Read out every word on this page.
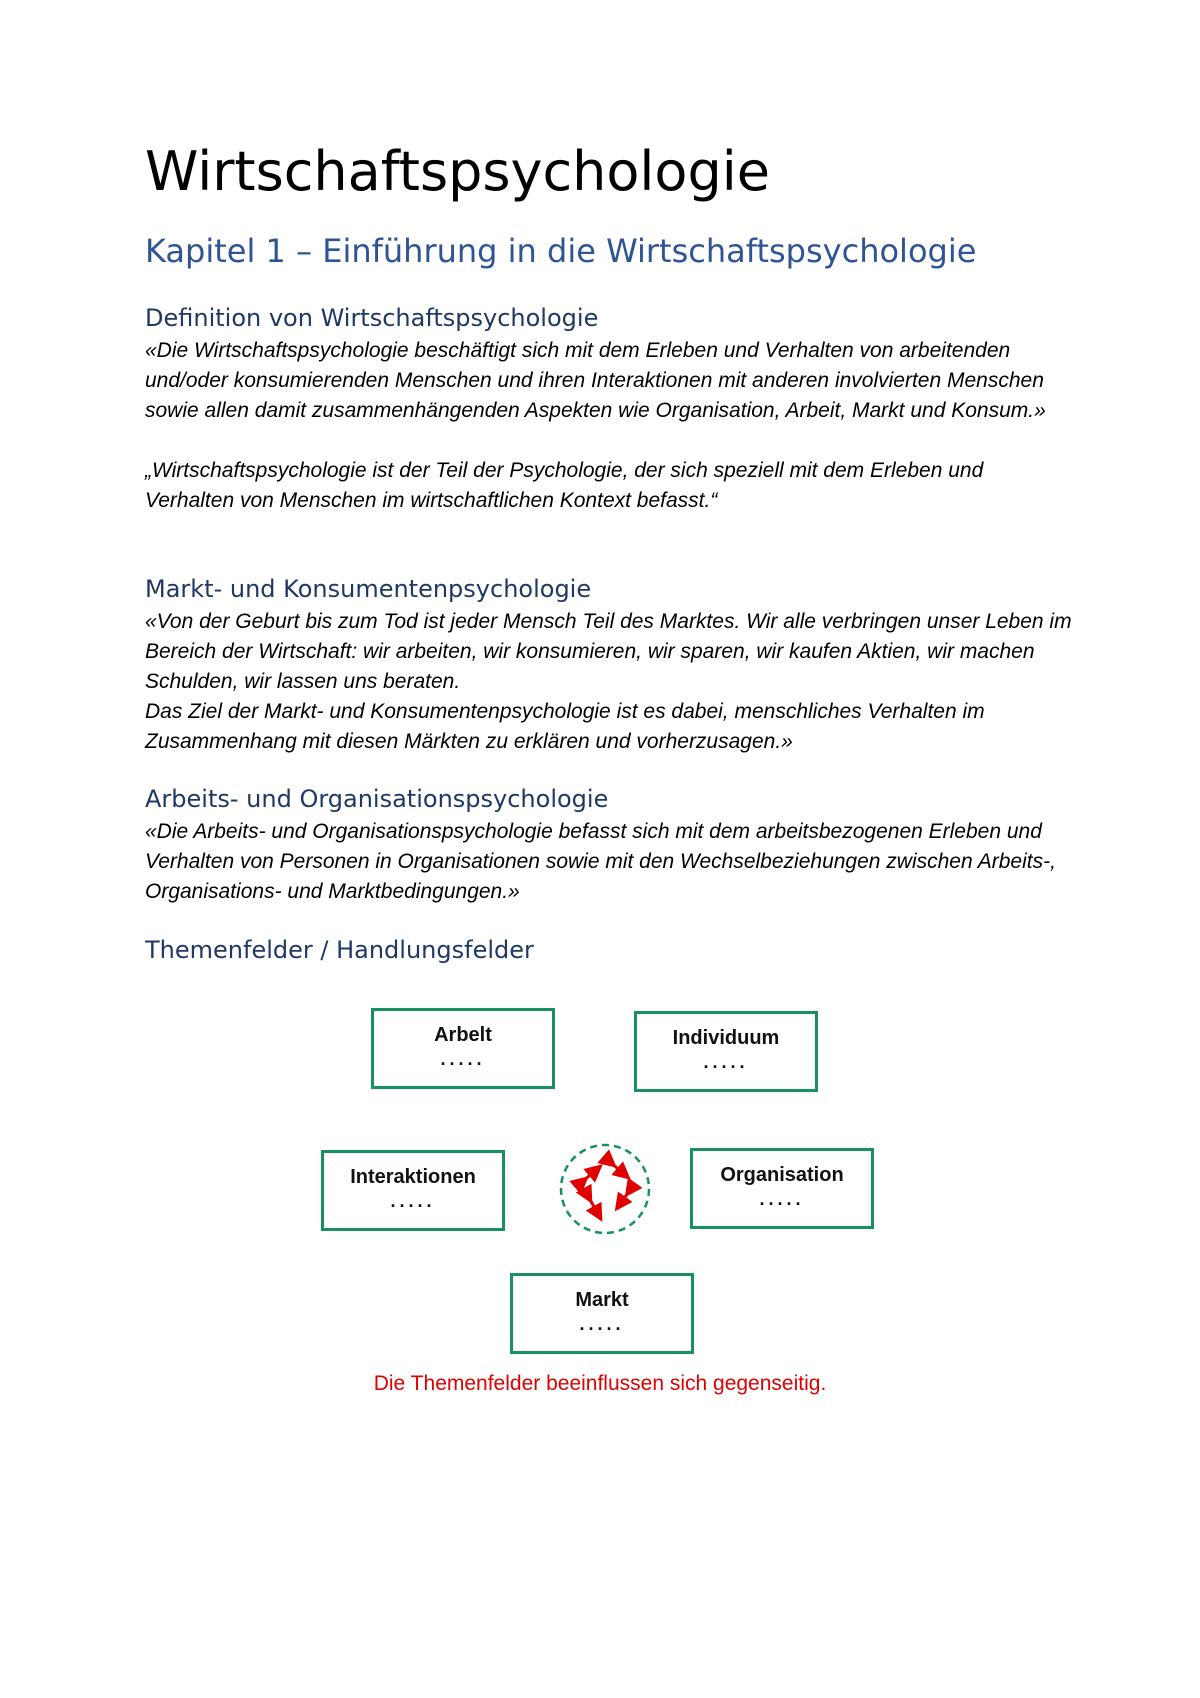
Wirtschaftspsychologie
Kapitel 1 – Einführung in die Wirtschaftspsychologie
Definition von Wirtschaftspsychologie

«Die Wirtschaftspsychologie beschäftigt sich mit dem Erleben und Verhalten von arbeitenden und/oder konsumierenden Menschen und ihren Interaktionen mit anderen involvierten Menschen sowie allen damit zusammenhängenden Aspekten wie Organisation, Arbeit, Markt und Konsum.»

„Wirtschaftspsychologie ist der Teil der Psychologie, der sich speziell mit dem Erleben und Verhalten von Menschen im wirtschaftlichen Kontext befasst.“

Markt- und Konsumentenpsychologie

«Von der Geburt bis zum Tod ist jeder Mensch Teil des Marktes. Wir alle verbringen unser Leben im Bereich der Wirtschaft: wir arbeiten, wir konsumieren, wir sparen, wir kaufen Aktien, wir machen Schulden, wir lassen uns beraten.

Das Ziel der Markt- und Konsumentenpsychologie ist es dabei, menschliches Verhalten im Zusammenhang mit diesen Märkten zu erklären und vorherzusagen.»

Arbeits- und Organisationspsychologie

«Die Arbeits- und Organisationspsychologie befasst sich mit dem arbeitsbezogenen Erleben und Verhalten von Personen in Organisationen sowie mit den Wechselbeziehungen zwischen Arbeits-, Organisations- und Marktbedingungen.»

Themenfelder / Handlungsfelder
Arbelt
.....
Individuum
.....
Interaktionen
.....
Organisation
.....
Markt
.....
Die Themenfelder beeinflussen sich gegenseitig.
